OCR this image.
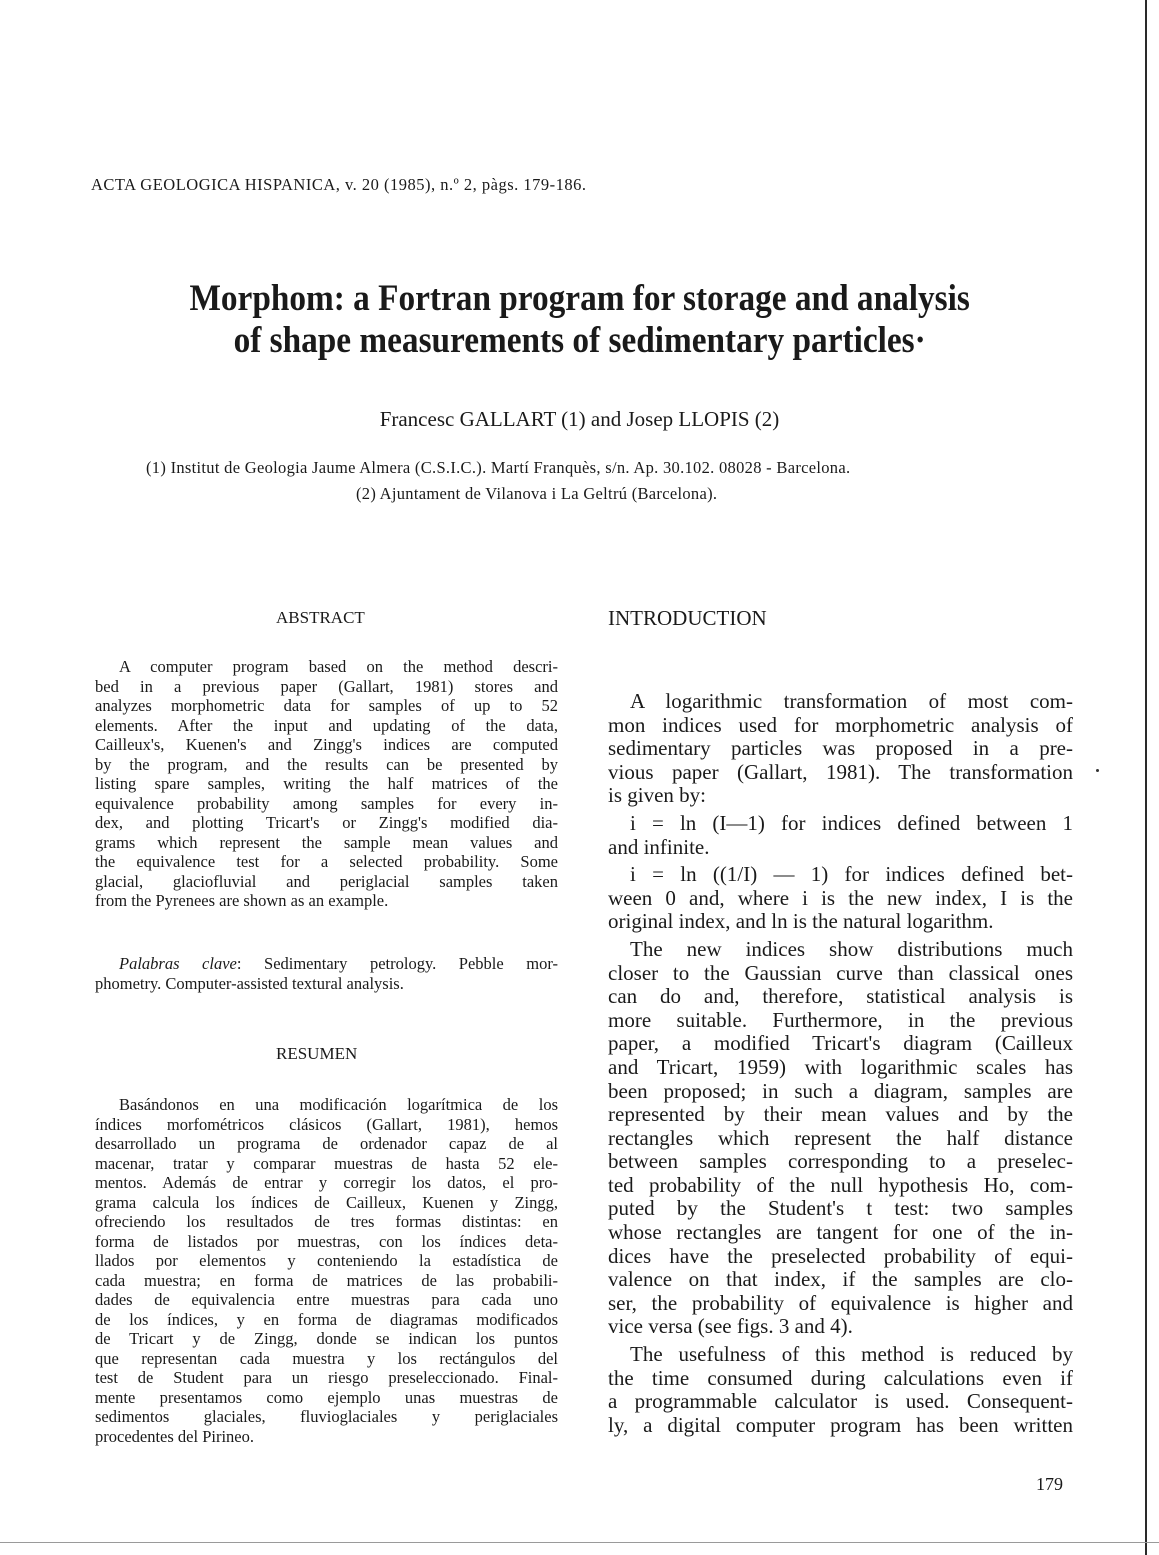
ACTA GEOLOGICA HISPANICA, v. 20 (1985), n.º 2, pàgs. 179-186.
Morphom: a Fortran program for storage and analysis
of shape measurements of sedimentary particles·
Francesc GALLART (1) and Josep LLOPIS (2)
(1) Institut de Geologia Jaume Almera (C.S.I.C.). Martí Franquès, s/n. Ap. 30.102. 08028 - Barcelona.
(2) Ajuntament de Vilanova i La Geltrú (Barcelona).
ABSTRACT
A computer program based on the method descri-
bed in a previous paper (Gallart, 1981) stores and
analyzes morphometric data for samples of up to 52
elements. After the input and updating of the data,
Cailleux's, Kuenen's and Zingg's indices are computed
by the program, and the results can be presented by
listing spare samples, writing the half matrices of the
equivalence probability among samples for every in-
dex, and plotting Tricart's or Zingg's modified dia-
grams which represent the sample mean values and
the equivalence test for a selected probability. Some
glacial, glaciofluvial and periglacial samples taken
from the Pyrenees are shown as an example.
Palabras clave: Sedimentary petrology. Pebble mor-
phometry. Computer-assisted textural analysis.
RESUMEN
Basándonos en una modificación logarítmica de los
índices morfométricos clásicos (Gallart, 1981), hemos
desarrollado un programa de ordenador capaz de al
macenar, tratar y comparar muestras de hasta 52 ele-
mentos. Además de entrar y corregir los datos, el pro-
grama calcula los índices de Cailleux, Kuenen y Zingg,
ofreciendo los resultados de tres formas distintas: en
forma de listados por muestras, con los índices deta-
llados por elementos y conteniendo la estadística de
cada muestra; en forma de matrices de las probabili-
dades de equivalencia entre muestras para cada uno
de los índices, y en forma de diagramas modificados
de Tricart y de Zingg, donde se indican los puntos
que representan cada muestra y los rectángulos del
test de Student para un riesgo preseleccionado. Final-
mente presentamos como ejemplo unas muestras de
sedimentos glaciales, fluvioglaciales y periglaciales
procedentes del Pirineo.
INTRODUCTION
A logarithmic transformation of most com-
mon indices used for morphometric analysis of
sedimentary particles was proposed in a pre-
vious paper (Gallart, 1981). The transformation
is given by:
i = ln (I—1) for indices defined between 1
and infinite.
i = ln ((1/I) — 1) for indices defined bet-
ween 0 and, where i is the new index, I is the
original index, and ln is the natural logarithm.
The new indices show distributions much
closer to the Gaussian curve than classical ones
can do and, therefore, statistical analysis is
more suitable. Furthermore, in the previous
paper, a modified Tricart's diagram (Cailleux
and Tricart, 1959) with logarithmic scales has
been proposed; in such a diagram, samples are
represented by their mean values and by the
rectangles which represent the half distance
between samples corresponding to a preselec-
ted probability of the null hypothesis Ho, com-
puted by the Student's t test: two samples
whose rectangles are tangent for one of the in-
dices have the preselected probability of equi-
valence on that index, if the samples are clo-
ser, the probability of equivalence is higher and
vice versa (see figs. 3 and 4).
The usefulness of this method is reduced by
the time consumed during calculations even if
a programmable calculator is used. Consequent-
ly, a digital computer program has been written
179
